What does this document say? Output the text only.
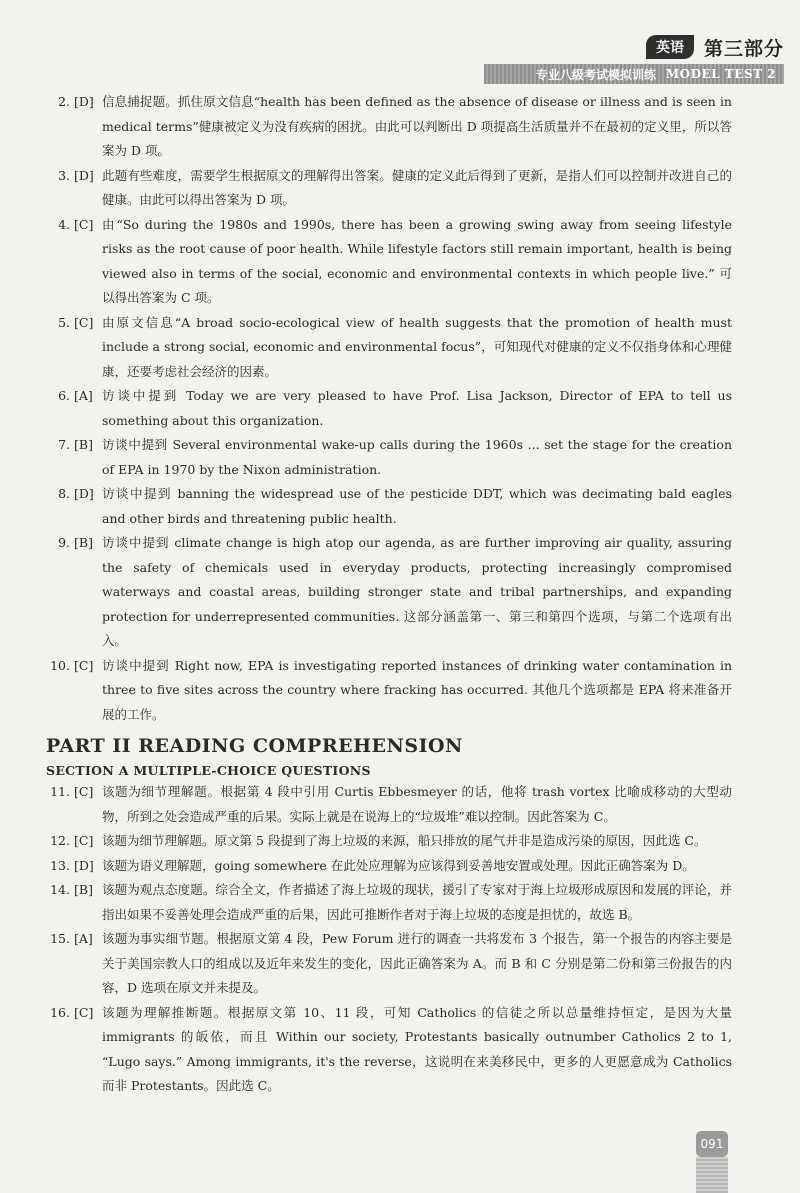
英语	第三部分
专业八级考试模拟训练 MODEL TEST 2
2. [D] 信息捕捉题。抓住原文信息“health has been defined as the absence of disease or illness and is seen in medical terms”健康被定义为没有疾病的困扰。由此可以判断出 D 项提高生活质量并不在最初的定义里，所以答案为 D 项。
3. [D] 此题有些难度，需要学生根据原文的理解得出答案。健康的定义此后得到了更新，是指人们可以控制并改进自己的健康。由此可以得出答案为 D 项。
4. [C] 由“So during the 1980s and 1990s, there has been a growing swing away from seeing lifestyle risks as the root cause of poor health. While lifestyle factors still remain important, health is being viewed also in terms of the social, economic and environmental contexts in which people live.” 可以得出答案为 C 项。
5. [C] 由原文信息“A broad socio-ecological view of health suggests that the promotion of health must include a strong social, economic and environmental focus”，可知现代对健康的定义不仅指身体和心理健康，还要考虑社会经济的因素。
6. [A] 访谈中提到 Today we are very pleased to have Prof. Lisa Jackson, Director of EPA to tell us something about this organization.
7. [B] 访谈中提到 Several environmental wake-up calls during the 1960s ... set the stage for the creation of EPA in 1970 by the Nixon administration.
8. [D] 访谈中提到 banning the widespread use of the pesticide DDT, which was decimating bald eagles and other birds and threatening public health.
9. [B] 访谈中提到 climate change is high atop our agenda, as are further improving air quality, assuring the safety of chemicals used in everyday products, protecting increasingly compromised waterways and coastal areas, building stronger state and tribal partnerships, and expanding protection for underrepresented communities. 这部分涵盖第一、第三和第四个选项，与第二个选项有出入。
10. [C] 访谈中提到 Right now, EPA is investigating reported instances of drinking water contamination in three to five sites across the country where fracking has occurred. 其他几个选项都是 EPA 将来准备开展的工作。
PART II READING COMPREHENSION
SECTION A MULTIPLE-CHOICE QUESTIONS
11. [C] 该题为细节理解题。根据第 4 段中引用 Curtis Ebbesmeyer 的话，他将 trash vortex 比喻成移动的大型动物，所到之处会造成严重的后果。实际上就是在说海上的“垃圾堆”难以控制。因此答案为 C。
12. [C] 该题为细节理解题。原文第 5 段提到了海上垃圾的来源，船只排放的尾气并非是造成污染的原因，因此选 C。
13. [D] 该题为语义理解题，going somewhere 在此处应理解为应该得到妥善地安置或处理。因此正确答案为 D。
14. [B] 该题为观点态度题。综合全文，作者描述了海上垃圾的现状，援引了专家对于海上垃圾形成原因和发展的评论，并指出如果不妥善处理会造成严重的后果，因此可推断作者对于海上垃圾的态度是担忧的，故选 B。
15. [A] 该题为事实细节题。根据原文第 4 段，Pew Forum 进行的调查一共将发布 3 个报告，第一个报告的内容主要是关于美国宗教人口的组成以及近年来发生的变化，因此正确答案为 A。而 B 和 C 分别是第二份和第三份报告的内容，D 选项在原文并未提及。
16. [C] 该题为理解推断题。根据原文第 10、11 段，可知 Catholics 的信徒之所以总量维持恒定，是因为大量 immigrants 的皈依，而且 Within our society, Protestants basically outnumber Catholics 2 to 1, “Lugo says.” Among immigrants, it's the reverse，这说明在来美移民中，更多的人更愿意成为 Catholics 而非 Protestants。因此选 C。
091
